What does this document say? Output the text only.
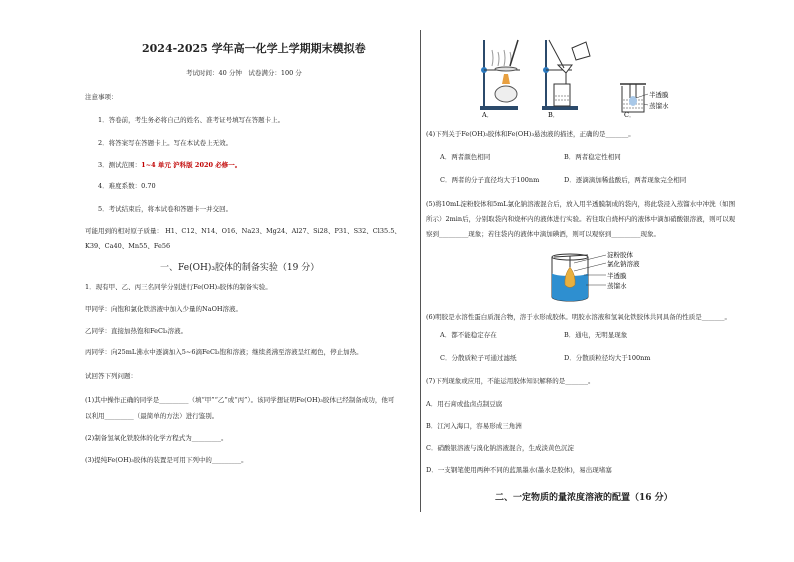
2024-2025 学年高一化学上学期期末模拟卷
考试时间：40 分钟　试卷满分：100 分
注意事项：
1．答卷前，考生务必将自己的姓名、准考证号填写在答题卡上。
2．将答案写在答题卡上。写在本试卷上无效。
3．测试范围：1~4 单元 沪科版 2020 必修一。
4．难度系数：0.70
5．考试结束后，将本试卷和答题卡一并交回。
可能用到的相对原子质量： H1、C12、N14、O16、Na23、Mg24、Al27、Si28、P31、S32、Cl35.5、
K39、Ca40、Mn55、Fe56
一、Fe(OH)₃胶体的制备实验（19 分）
1．现有甲、乙、丙三名同学分别进行Fe(OH)₃胶体的制备实验。
甲同学：向饱和氯化铁溶液中加入少量的NaOH溶液。
乙同学：直接加热饱和FeCl₃溶液。
丙同学：向25mL沸水中逐滴加入5~6滴FeCl₃饱和溶液；继续煮沸至溶液呈红褐色，停止加热。
试回答下列问题：
(1)其中操作正确的同学是_________（填“甲”“乙”或“丙”）。该同学想证明Fe(OH)₃胶体已经制备成功，他可
以利用_________（最简单的方法）进行鉴别。
(2)制备氢氧化铁胶体的化学方程式为_________。
(3)提纯Fe(OH)₃胶体的装置是可用下列中的_________。
半透膜
蒸馏水
A．	B．	C．
(4)下列关于Fe(OH)₃胶体和Fe(OH)₃悬浊液的描述，正确的是_______。
A．两者颜色相同	B．两者稳定性相同
C．两者的分子直径均大于100nm	D．逐滴滴加稀盐酸后，两者现象完全相同
(5)将10mL淀粉胶体和5mL氯化钠溶液混合后，放入用半透膜制成的袋内，将此袋浸入蒸馏水中冲洗（如图
所示）2min后，分别取袋内和烧杯内的液体进行实验。若往取自烧杯内的液体中滴加硝酸银溶液，则可以观
察到_________现象；若往袋内的液体中滴加碘酒，则可以观察到_________现象。
淀粉胶体
氯化钠溶液
半透膜
蒸馏水
(6)明胶是水溶性蛋白质混合物，溶于水形成胶体。明胶水溶液和氢氧化铁胶体共同具备的性质是_______。
A．都不能稳定存在	B．通电，无明显现象
C．分散质粒子可通过滤纸	D．分散质粒径均大于100nm
(7)下列现象或应用，不能运用胶体知识解释的是_______。
A．用石膏或盐卤点制豆腐
B．江河入海口，容易形成三角洲
C．硝酸银溶液与溴化钠溶液混合，生成淡黄色沉淀
D．一支钢笔使用两种不同的蓝黑墨水(墨水是胶体)，易出现堵塞
二、一定物质的量浓度溶液的配置（16 分）
